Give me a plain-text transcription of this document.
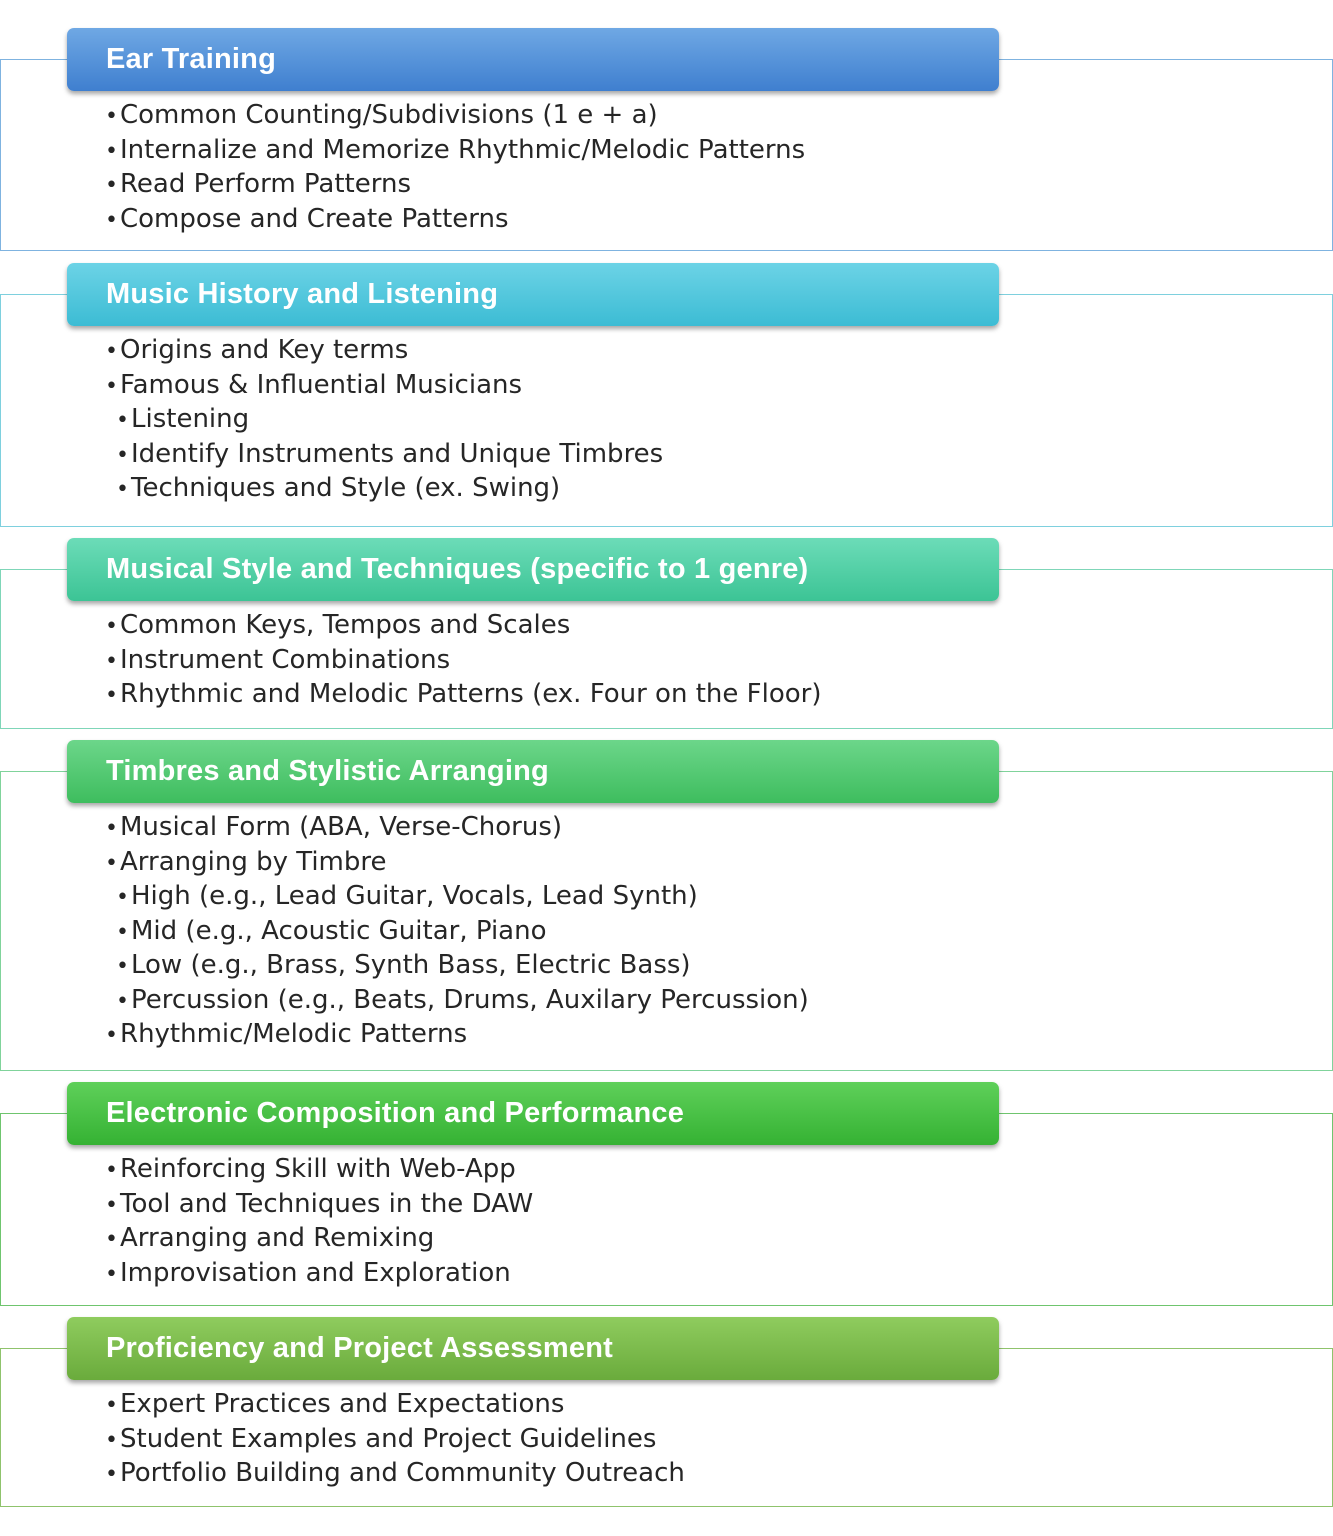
Ear Training
•Common Counting/Subdivisions (1 e + a)
•Internalize and Memorize Rhythmic/Melodic Patterns
•Read Perform Patterns
•Compose and Create Patterns
Music History and Listening
•Origins and Key terms
•Famous & Influential Musicians
•Listening
•Identify Instruments and Unique Timbres
•Techniques and Style (ex. Swing)
Musical Style and Techniques (specific to 1 genre)
•Common Keys, Tempos and Scales
•Instrument Combinations
•Rhythmic and Melodic Patterns (ex. Four on the Floor)
Timbres and Stylistic Arranging
•Musical Form (ABA, Verse-Chorus)
•Arranging by Timbre
•High (e.g., Lead Guitar, Vocals, Lead Synth)
•Mid (e.g., Acoustic Guitar, Piano
•Low (e.g., Brass, Synth Bass, Electric Bass)
•Percussion (e.g., Beats, Drums, Auxilary Percussion)
•Rhythmic/Melodic Patterns
Electronic Composition and Performance
•Reinforcing Skill with Web-App
•Tool and Techniques in the DAW
•Arranging and Remixing
•Improvisation and Exploration
Proficiency and Project Assessment
•Expert Practices and Expectations
•Student Examples and Project Guidelines
•Portfolio Building and Community Outreach
